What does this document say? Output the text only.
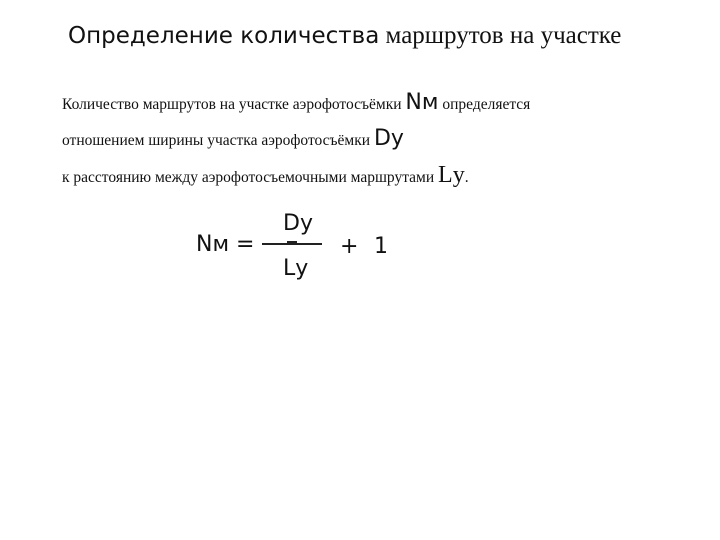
Определение количества маршрутов на участке
Количество маршрутов на участке аэрофотосъёмки Nм определяется
отношением ширины участка аэрофотосъёмки Dу
к расстоянию между аэрофотосъемочными маршрутами Lу.
Nм =
Dу
Lу
+ 1
